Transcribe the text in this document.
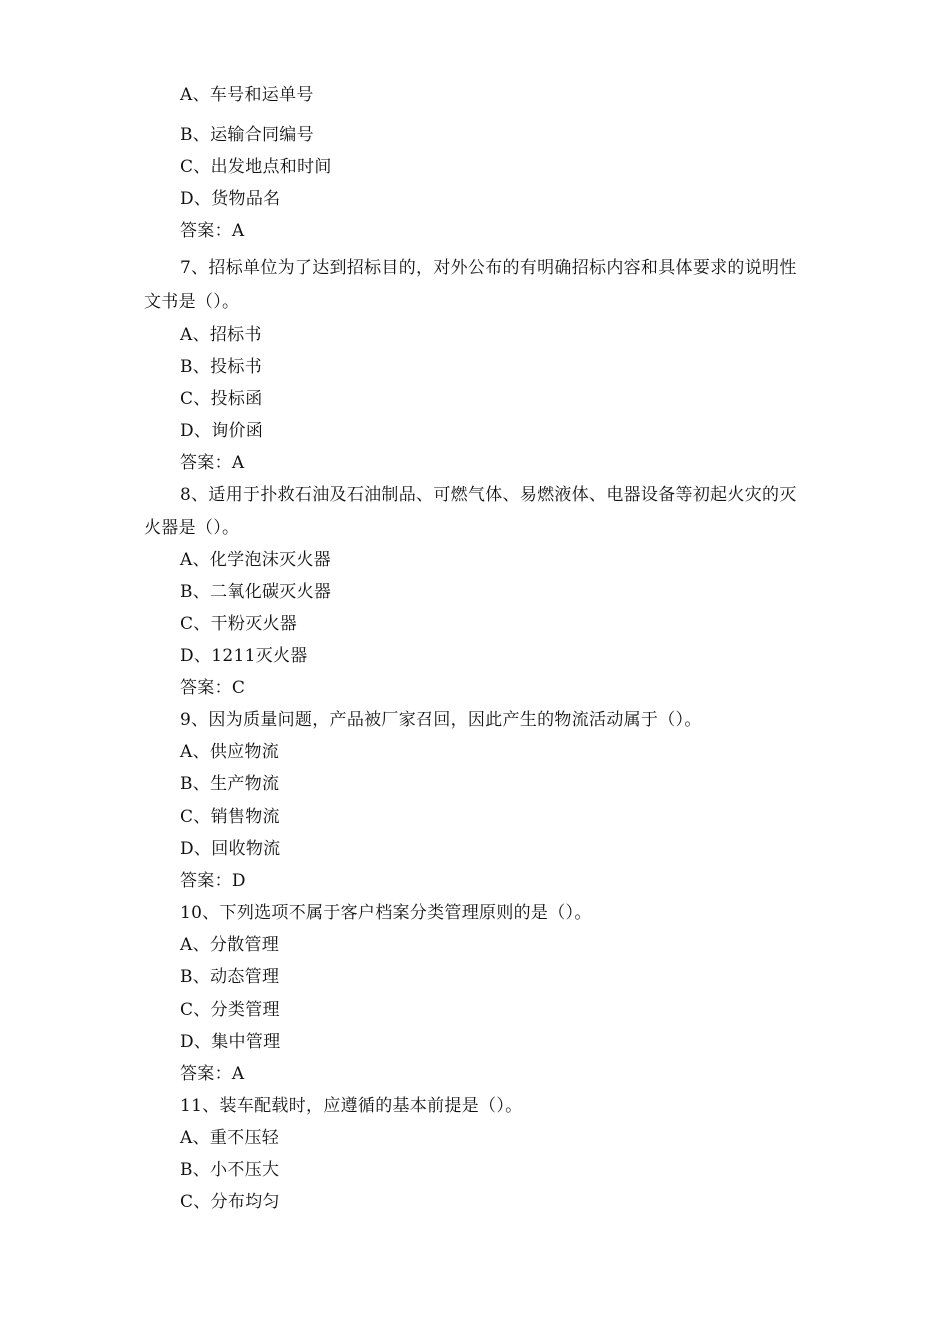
A、车号和运单号
B、运输合同编号
C、出发地点和时间
D、货物品名
答案：A
7、招标单位为了达到招标目的，对外公布的有明确招标内容和具体要求的说明性
文书是（）。
A、招标书
B、投标书
C、投标函
D、询价函
答案：A
8、适用于扑救石油及石油制品、可燃气体、易燃液体、电器设备等初起火灾的灭
火器是（）。
A、化学泡沫灭火器
B、二氧化碳灭火器
C、干粉灭火器
D、1211灭火器
答案：C
9、因为质量问题，产品被厂家召回，因此产生的物流活动属于（）。
A、供应物流
B、生产物流
C、销售物流
D、回收物流
答案：D
10、下列选项不属于客户档案分类管理原则的是（）。
A、分散管理
B、动态管理
C、分类管理
D、集中管理
答案：A
11、装车配载时，应遵循的基本前提是（）。
A、重不压轻
B、小不压大
C、分布均匀
